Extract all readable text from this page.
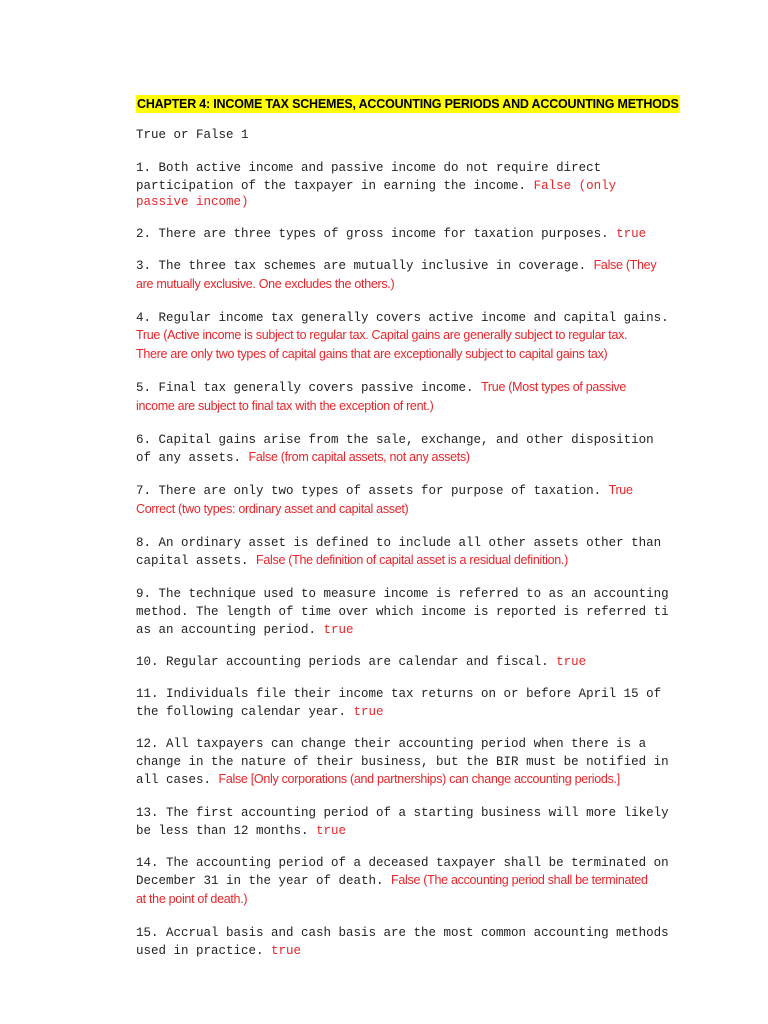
CHAPTER 4: INCOME TAX SCHEMES, ACCOUNTING PERIODS AND ACCOUNTING METHODS
True or False 1
1. Both active income and passive income do not require direct
participation of the taxpayer in earning the income. False (only
passive income)
2. There are three types of gross income for taxation purposes. true
3. The three tax schemes are mutually inclusive in coverage. False (They
are mutually exclusive. One excludes the others.)
4. Regular income tax generally covers active income and capital gains.
True (Active income is subject to regular tax. Capital gains are generally subject to regular tax.
There are only two types of capital gains that are exceptionally subject to capital gains tax)
5. Final tax generally covers passive income. True (Most types of passive
income are subject to final tax with the exception of rent.)
6. Capital gains arise from the sale, exchange, and other disposition
of any assets. False (from capital assets, not any assets)
7. There are only two types of assets for purpose of taxation. True
Correct (two types: ordinary asset and capital asset)
8. An ordinary asset is defined to include all other assets other than
capital assets. False (The definition of capital asset is a residual definition.)
9. The technique used to measure income is referred to as an accounting
method. The length of time over which income is reported is referred ti
as an accounting period. true
10. Regular accounting periods are calendar and fiscal. true
11. Individuals file their income tax returns on or before April 15 of
the following calendar year. true
12. All taxpayers can change their accounting period when there is a
change in the nature of their business, but the BIR must be notified in
all cases. False [Only corporations (and partnerships) can change accounting periods.]
13. The first accounting period of a starting business will more likely
be less than 12 months. true
14. The accounting period of a deceased taxpayer shall be terminated on
December 31 in the year of death. False (The accounting period shall be terminated
at the point of death.)
15. Accrual basis and cash basis are the most common accounting methods
used in practice. true
